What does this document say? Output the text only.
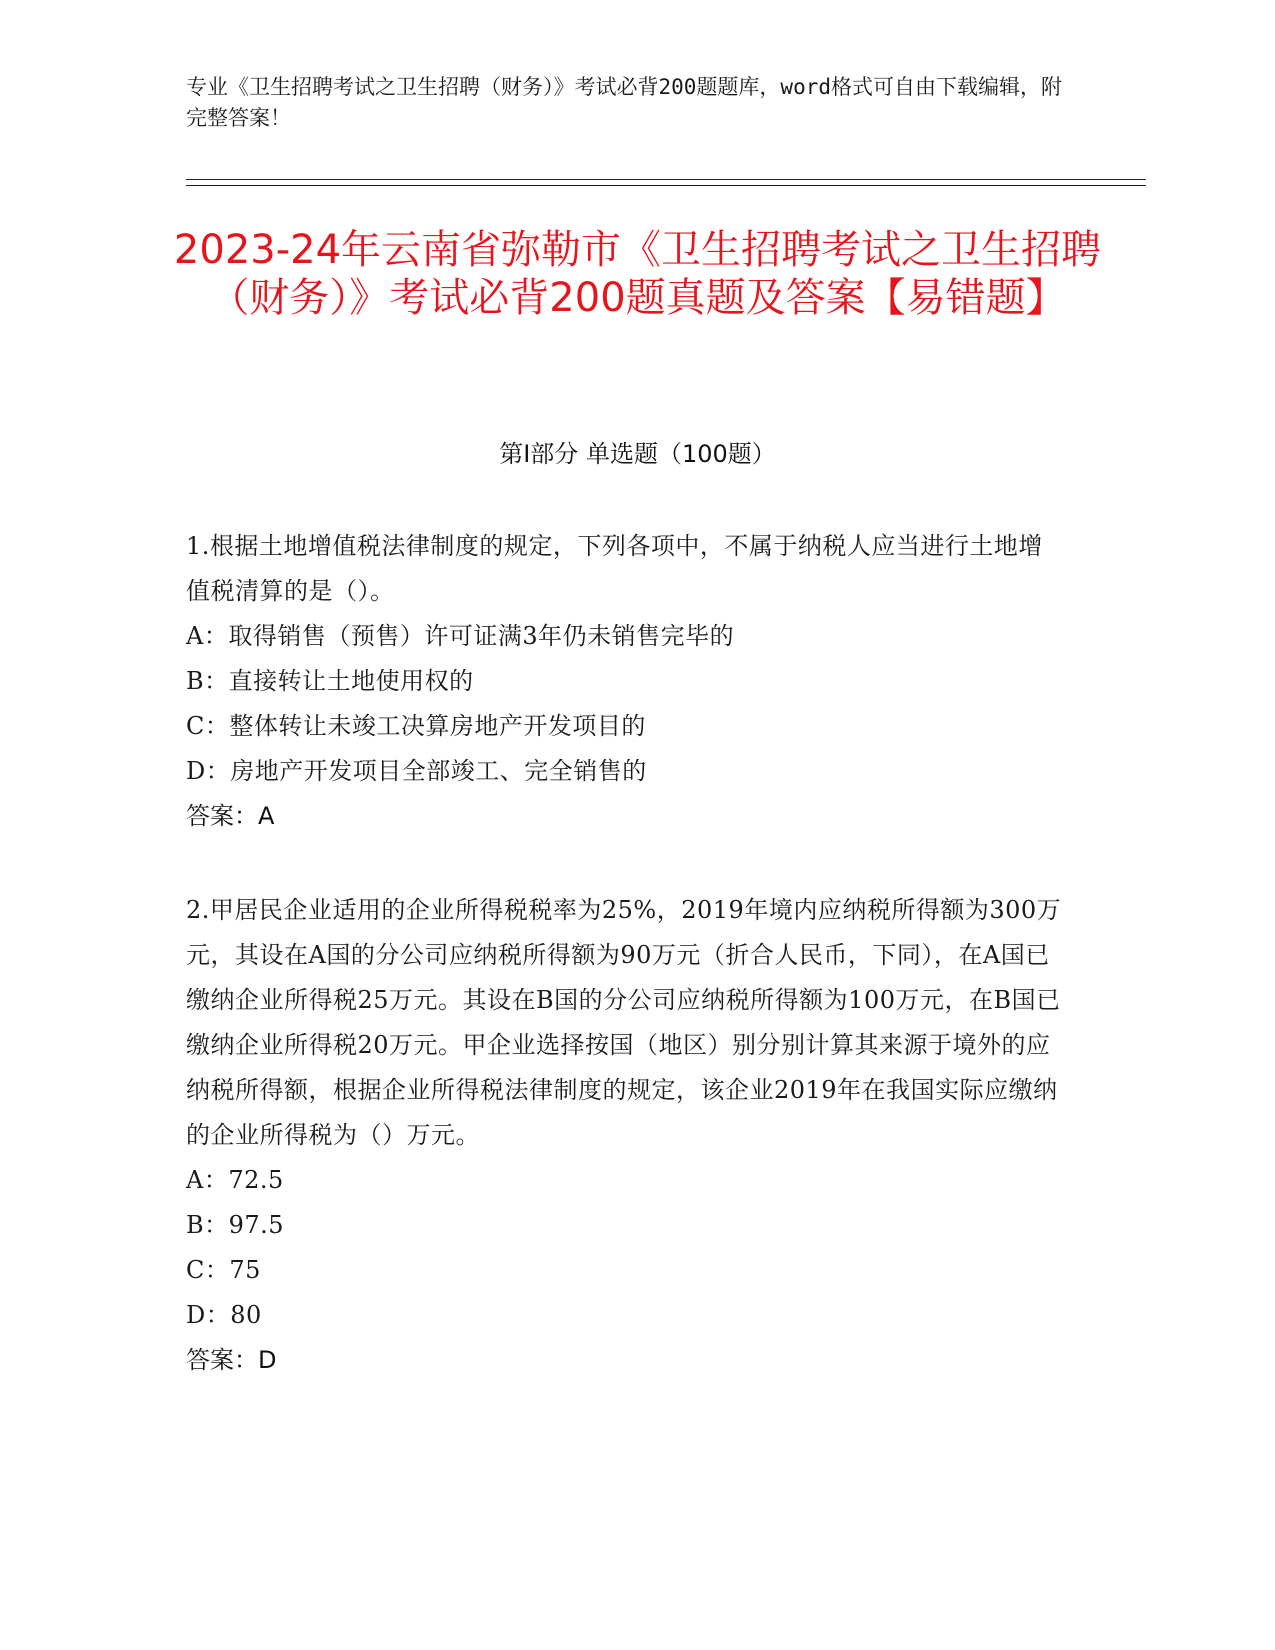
专业《卫生招聘考试之卫生招聘（财务）》考试必背200题题库，word格式可自由下载编辑，附完整答案！
2023-24年云南省弥勒市《卫生招聘考试之卫生招聘（财务）》考试必背200题真题及答案【易错题】
第Ⅰ部分 单选题（100题）
1.根据土地增值税法律制度的规定，下列各项中，不属于纳税人应当进行土地增值税清算的是（）。
A：取得销售（预售）许可证满3年仍未销售完毕的
B：直接转让土地使用权的
C：整体转让未竣工决算房地产开发项目的
D：房地产开发项目全部竣工、完全销售的
答案：A
2.甲居民企业适用的企业所得税税率为25%，2019年境内应纳税所得额为300万元，其设在A国的分公司应纳税所得额为90万元（折合人民币，下同），在A国已缴纳企业所得税25万元。其设在B国的分公司应纳税所得额为100万元，在B国已缴纳企业所得税20万元。甲企业选择按国（地区）别分别计算其来源于境外的应纳税所得额，根据企业所得税法律制度的规定，该企业2019年在我国实际应缴纳的企业所得税为（）万元。
A：72.5
B：97.5
C：75
D：80
答案：D
